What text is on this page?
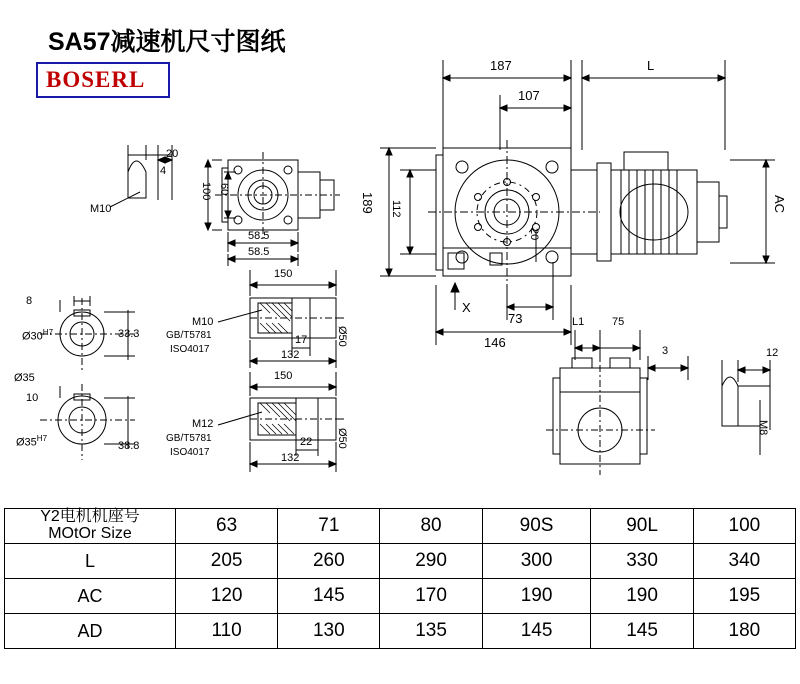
SA57减速机尺寸图纸
BOSERL
187	L
107
189 112	AC
20
73
146
X
L1	75
3	12
M8
20
4
M10
100 60
58.5
58.5
8
$Ø30^{H7}$	33.3
Ø35
10
$Ø35^{H7}$
38.8
150
17
132
M10
GB/T5781
ISO4017
Ø50
150
22
132
M12
GB/T5781
ISO4017
Ø50
Y2电机机座号
MOtOr Size	63	71	80	90S	90L	100
L	205	260	290	300	330	340
AC	120	145	170	190	190	195
AD	110	130	135	145	145	180
